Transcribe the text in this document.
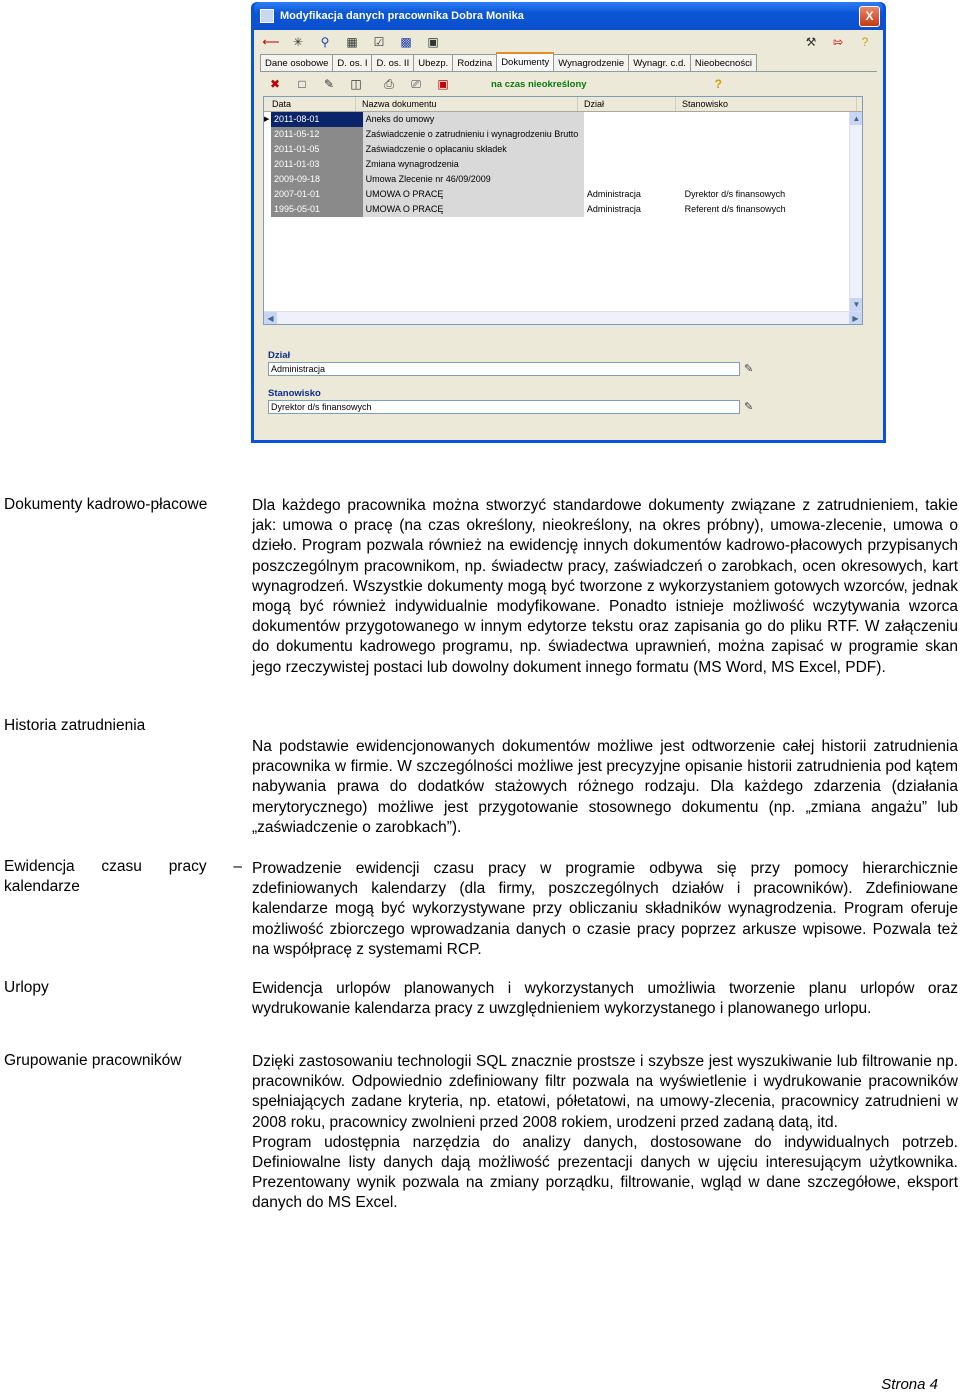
Modyfikacja danych pracownika Dobra Monika	X
⟵	✳	⚲	▦	☑	▩ ▣	⚒	⇰	?
Dane osobowe D. os. I D. os. II Ubezp. Rodzina Dokumenty Wynagrodzenie Wynagr. c.d. Nieobecności
✖	□	✎	◫	⎙	⎚	▣	na czas nieokreślony	?
Data	Nazwa dokumentu	Dział	Stanowisko
▶ 2011-08-01	Aneks do umowy
2011-05-12	Zaświadczenie o zatrudnieniu i wynagrodzeniu Brutto
2011-01-05	Zaświadczenie o opłacaniu składek
2011-01-03	Zmiana wynagrodzenia
2009-09-18	Umowa Zlecenie nr 46/09/2009
2007-01-01	UMOWA O PRACĘ	Administracja	Dyrektor d/s finansowych
1995-05-01	UMOWA O PRACĘ	Administracja	Referent d/s finansowych
▲
▼
◀	▶
Dział
Administracja	✎
Stanowisko
Dyrektor d/s finansowych	✎
Dokumenty kadrowo-płacowe	Dla każdego pracownika można stworzyć standardowe dokumenty związane z zatrudnieniem, takie jak: umowa o pracę (na czas określony, nieokreślony, na okres próbny), umowa-zlecenie, umowa o dzieło. Program pozwala również na ewidencję innych dokumentów kadrowo-płacowych przypisanych poszczególnym pracownikom, np. świadectw pracy, zaświadczeń o zarobkach, ocen okresowych, kart wynagrodzeń. Wszystkie dokumenty mogą być tworzone z wykorzystaniem gotowych wzorców, jednak mogą być również indywidualnie modyfikowane. Ponadto istnieje możliwość wczytywania wzorca dokumentów przygotowanego w innym edytorze tekstu oraz zapisania go do pliku RTF. W załączeniu do dokumentu kadrowego programu, np. świadectwa uprawnień, można zapisać w programie skan jego rzeczywistej postaci lub dowolny dokument innego formatu (MS Word, MS Excel, PDF).
Historia zatrudnienia
Na podstawie ewidencjonowanych dokumentów możliwe jest odtworzenie całej historii zatrudnienia pracownika w firmie. W szczególności możliwe jest precyzyjne opisanie historii zatrudnienia pod kątem nabywania prawa do dodatków stażowych różnego rodzaju. Dla każdego zdarzenia (działania merytorycznego) możliwe jest przygotowanie stosownego dokumentu (np. „zmiana angażu” lub „zaświadczenie o zarobkach”).
Ewidencja czasu pracy – kalendarze
Prowadzenie ewidencji czasu pracy w programie odbywa się przy pomocy hierarchicznie zdefiniowanych kalendarzy (dla firmy, poszczególnych działów i pracowników). Zdefiniowane kalendarze mogą być wykorzystywane przy obliczaniu składników wynagrodzenia. Program oferuje możliwość zbiorczego wprowadzania danych o czasie pracy poprzez arkusze wpisowe. Pozwala też na współpracę z systemami RCP.
Urlopy	Ewidencja urlopów planowanych i wykorzystanych umożliwia tworzenie planu urlopów oraz wydrukowanie kalendarza pracy z uwzględnieniem wykorzystanego i planowanego urlopu.
Grupowanie pracowników	Dzięki zastosowaniu technologii SQL znacznie prostsze i szybsze jest wyszukiwanie lub filtrowanie np. pracowników. Odpowiednio zdefiniowany filtr pozwala na wyświetlenie i wydrukowanie pracowników spełniających zadane kryteria, np. etatowi, półetatowi, na umowy-zlecenia, pracownicy zatrudnieni w 2008 roku, pracownicy zwolnieni przed 2008 rokiem, urodzeni przed zadaną datą, itd.
Program udostępnia narzędzia do analizy danych, dostosowane do indywidualnych potrzeb. Definiowalne listy danych dają możliwość prezentacji danych w ujęciu interesującym użytkownika. Prezentowany wynik pozwala na zmiany porządku, filtrowanie, wgląd w dane szczegółowe, eksport danych do MS Excel.
Strona 4
